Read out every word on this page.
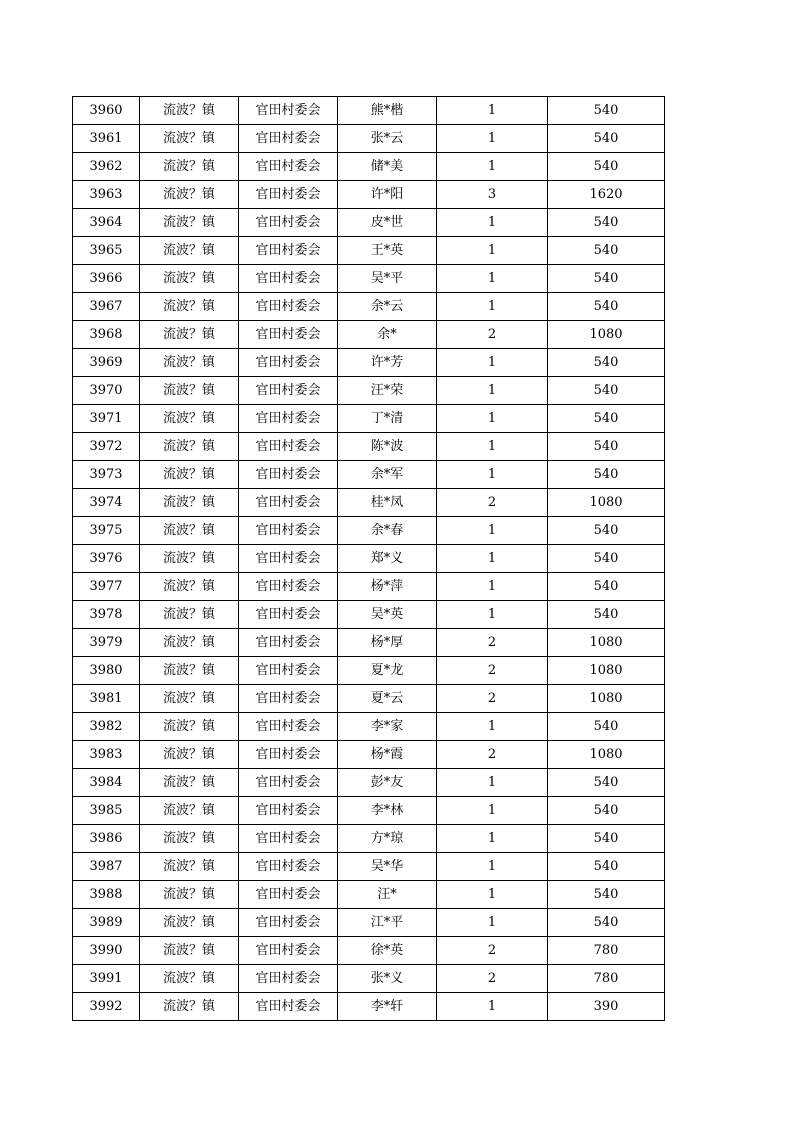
3960	流波？镇	官田村委会	熊*楷	1	540
3961	流波？镇	官田村委会	张*云	1	540
3962	流波？镇	官田村委会	储*美	1	540
3963	流波？镇	官田村委会	许*阳	3	1620
3964	流波？镇	官田村委会	皮*世	1	540
3965	流波？镇	官田村委会	王*英	1	540
3966	流波？镇	官田村委会	吴*平	1	540
3967	流波？镇	官田村委会	余*云	1	540
3968	流波？镇	官田村委会	余*	2	1080
3969	流波？镇	官田村委会	许*芳	1	540
3970	流波？镇	官田村委会	汪*荣	1	540
3971	流波？镇	官田村委会	丁*清	1	540
3972	流波？镇	官田村委会	陈*波	1	540
3973	流波？镇	官田村委会	余*军	1	540
3974	流波？镇	官田村委会	桂*凤	2	1080
3975	流波？镇	官田村委会	余*春	1	540
3976	流波？镇	官田村委会	郑*义	1	540
3977	流波？镇	官田村委会	杨*萍	1	540
3978	流波？镇	官田村委会	吴*英	1	540
3979	流波？镇	官田村委会	杨*厚	2	1080
3980	流波？镇	官田村委会	夏*龙	2	1080
3981	流波？镇	官田村委会	夏*云	2	1080
3982	流波？镇	官田村委会	李*家	1	540
3983	流波？镇	官田村委会	杨*霞	2	1080
3984	流波？镇	官田村委会	彭*友	1	540
3985	流波？镇	官田村委会	李*林	1	540
3986	流波？镇	官田村委会	方*琼	1	540
3987	流波？镇	官田村委会	吴*华	1	540
3988	流波？镇	官田村委会	汪*	1	540
3989	流波？镇	官田村委会	江*平	1	540
3990	流波？镇	官田村委会	徐*英	2	780
3991	流波？镇	官田村委会	张*义	2	780
3992	流波？镇	官田村委会	李*轩	1	390
